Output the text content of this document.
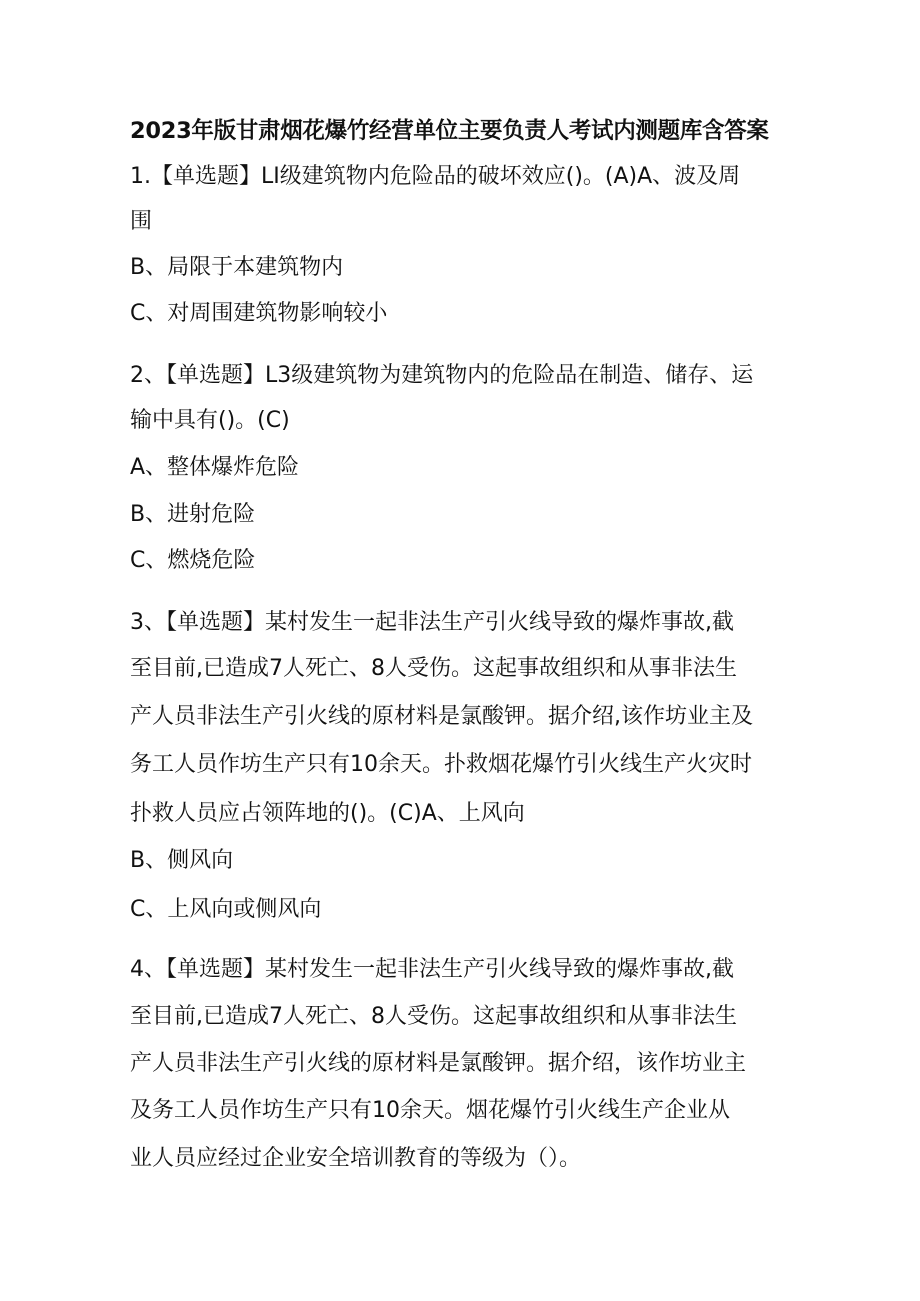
2023年版甘肃烟花爆竹经营单位主要负责人考试内测题库含答案
1.【单选题】LI级建筑物内危险品的破坏效应()。(A)A、波及周
围
B、局限于本建筑物内
C、对周围建筑物影响较小
2、【单选题】L3级建筑物为建筑物内的危险品在制造、储存、运
输中具有()。(C)
A、整体爆炸危险
B、进射危险
C、燃烧危险
3、【单选题】某村发生一起非法生产引火线导致的爆炸事故,截
至目前,已造成7人死亡、8人受伤。这起事故组织和从事非法生
产人员非法生产引火线的原材料是氯酸钾。据介绍,该作坊业主及
务工人员作坊生产只有10余天。扑救烟花爆竹引火线生产火灾时
扑救人员应占领阵地的()。(C)A、上风向
B、侧风向
C、上风向或侧风向
4、【单选题】某村发生一起非法生产引火线导致的爆炸事故,截
至目前,已造成7人死亡、8人受伤。这起事故组织和从事非法生
产人员非法生产引火线的原材料是氯酸钾。据介绍，该作坊业主
及务工人员作坊生产只有10余天。烟花爆竹引火线生产企业从
业人员应经过企业安全培训教育的等级为（）。
